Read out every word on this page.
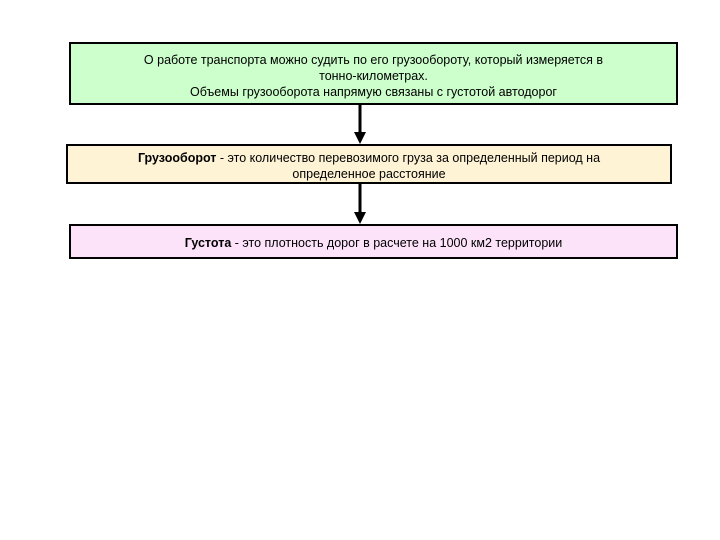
О работе транспорта можно судить по его грузообороту, который измеряется в

тонно-километрах.

Объемы грузооборота напрямую связаны с густотой автодорог

Грузооборот - это количество перевозимого груза за определенный период на

определенное расстояние

Густота - это плотность дорог в расчете на 1000 км2 территории
